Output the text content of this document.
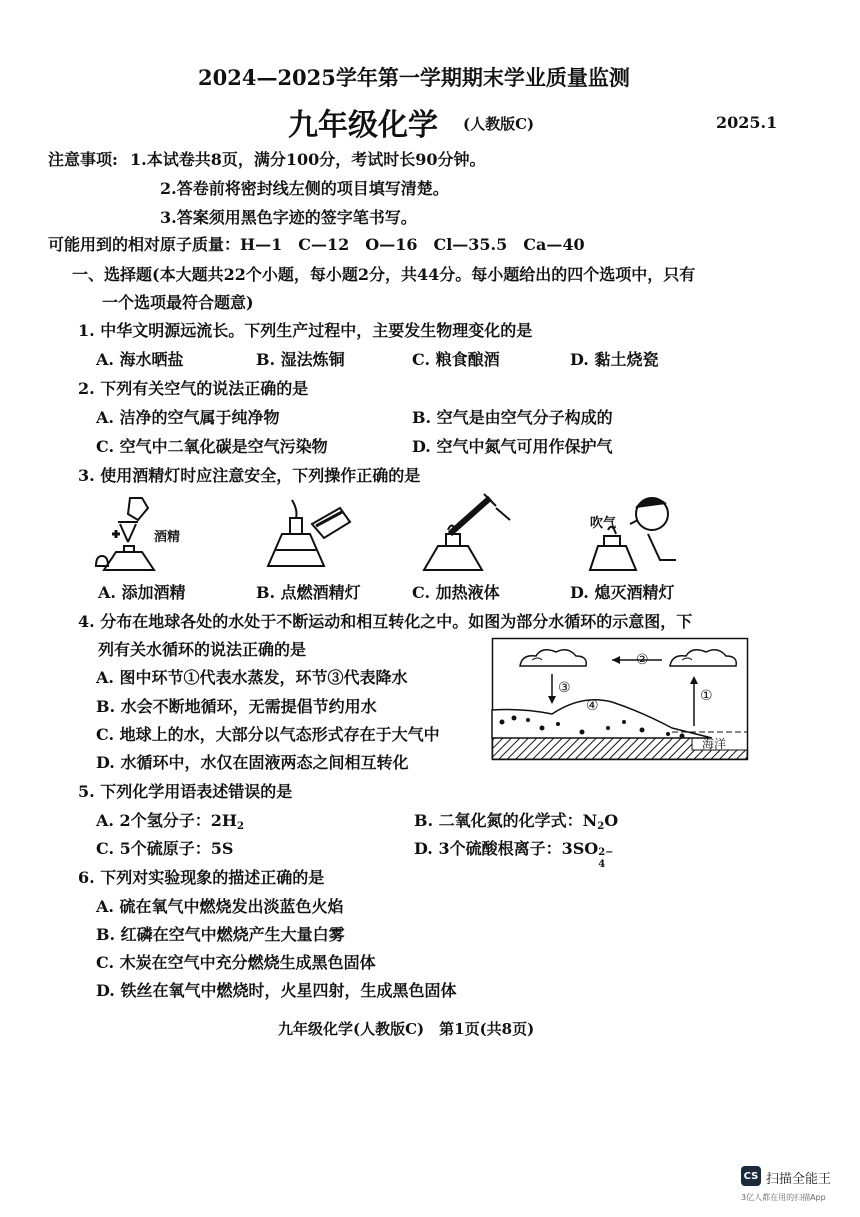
2024—2025学年第一学期期末学业质量监测
九年级化学 (人教版C)	2025.1
注意事项: 1.本试卷共8页，满分100分，考试时长90分钟。
2.答卷前将密封线左侧的项目填写清楚。
3.答案须用黑色字迹的签字笔书写。
可能用到的相对原子质量：H—1　C—12　O—16　Cl—35.5　Ca—40
一、选择题(本大题共22个小题，每小题2分，共44分。每小题给出的四个选项中，只有
一个选项最符合题意)
1. 中华文明源远流长。下列生产过程中，主要发生物理变化的是
A. 海水晒盐	B. 湿法炼铜	C. 粮食酿酒	D. 黏土烧瓷
2. 下列有关空气的说法正确的是
A. 洁净的空气属于纯净物	B. 空气是由空气分子构成的
C. 空气中二氧化碳是空气污染物	D. 空气中氮气可用作保护气
3. 使用酒精灯时应注意安全，下列操作正确的是
酒精
吹气
A. 添加酒精	B. 点燃酒精灯	C. 加热液体	D. 熄灭酒精灯
4. 分布在地球各处的水处于不断运动和相互转化之中。如图为部分水循环的示意图，下
列有关水循环的说法正确的是
A. 图中环节①代表水蒸发，环节③代表降水
B. 水会不断地循环，无需提倡节约用水
C. 地球上的水，大部分以气态形式存在于大气中
D. 水循环中，水仅在固液两态之间相互转化
②
③	①
④
海洋
5. 下列化学用语表述错误的是
A. 2个氢分子：$2H_2$	B. 二氧化氮的化学式：$N_2O$
C. 5个硫原子：5S	D. 3个硫酸根离子：3SO 2−
4
6. 下列对实验现象的描述正确的是
A. 硫在氧气中燃烧发出淡蓝色火焰
B. 红磷在空气中燃烧产生大量白雾
C. 木炭在空气中充分燃烧生成黑色固体
D. 铁丝在氧气中燃烧时，火星四射，生成黑色固体
九年级化学(人教版C)　第1页(共8页)
CS 扫描全能王
3亿人都在用的扫描App
